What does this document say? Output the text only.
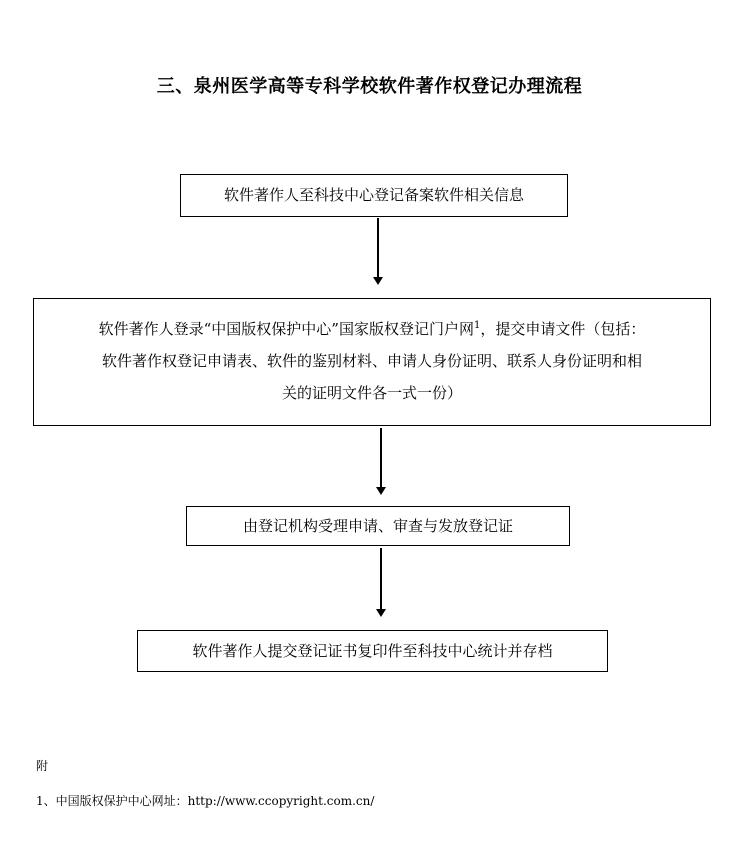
三、泉州医学高等专科学校软件著作权登记办理流程
软件著作人至科技中心登记备案软件相关信息
软件著作人登录“中国版权保护中心”国家版权登记门户网$^1$，提交申请文件（包括：
软件著作权登记申请表、软件的鉴别材料、申请人身份证明、联系人身份证明和相
关的证明文件各一式一份）
由登记机构受理申请、审查与发放登记证
软件著作人提交登记证书复印件至科技中心统计并存档
附
1、中国版权保护中心网址：http://www.ccopyright.com.cn/
